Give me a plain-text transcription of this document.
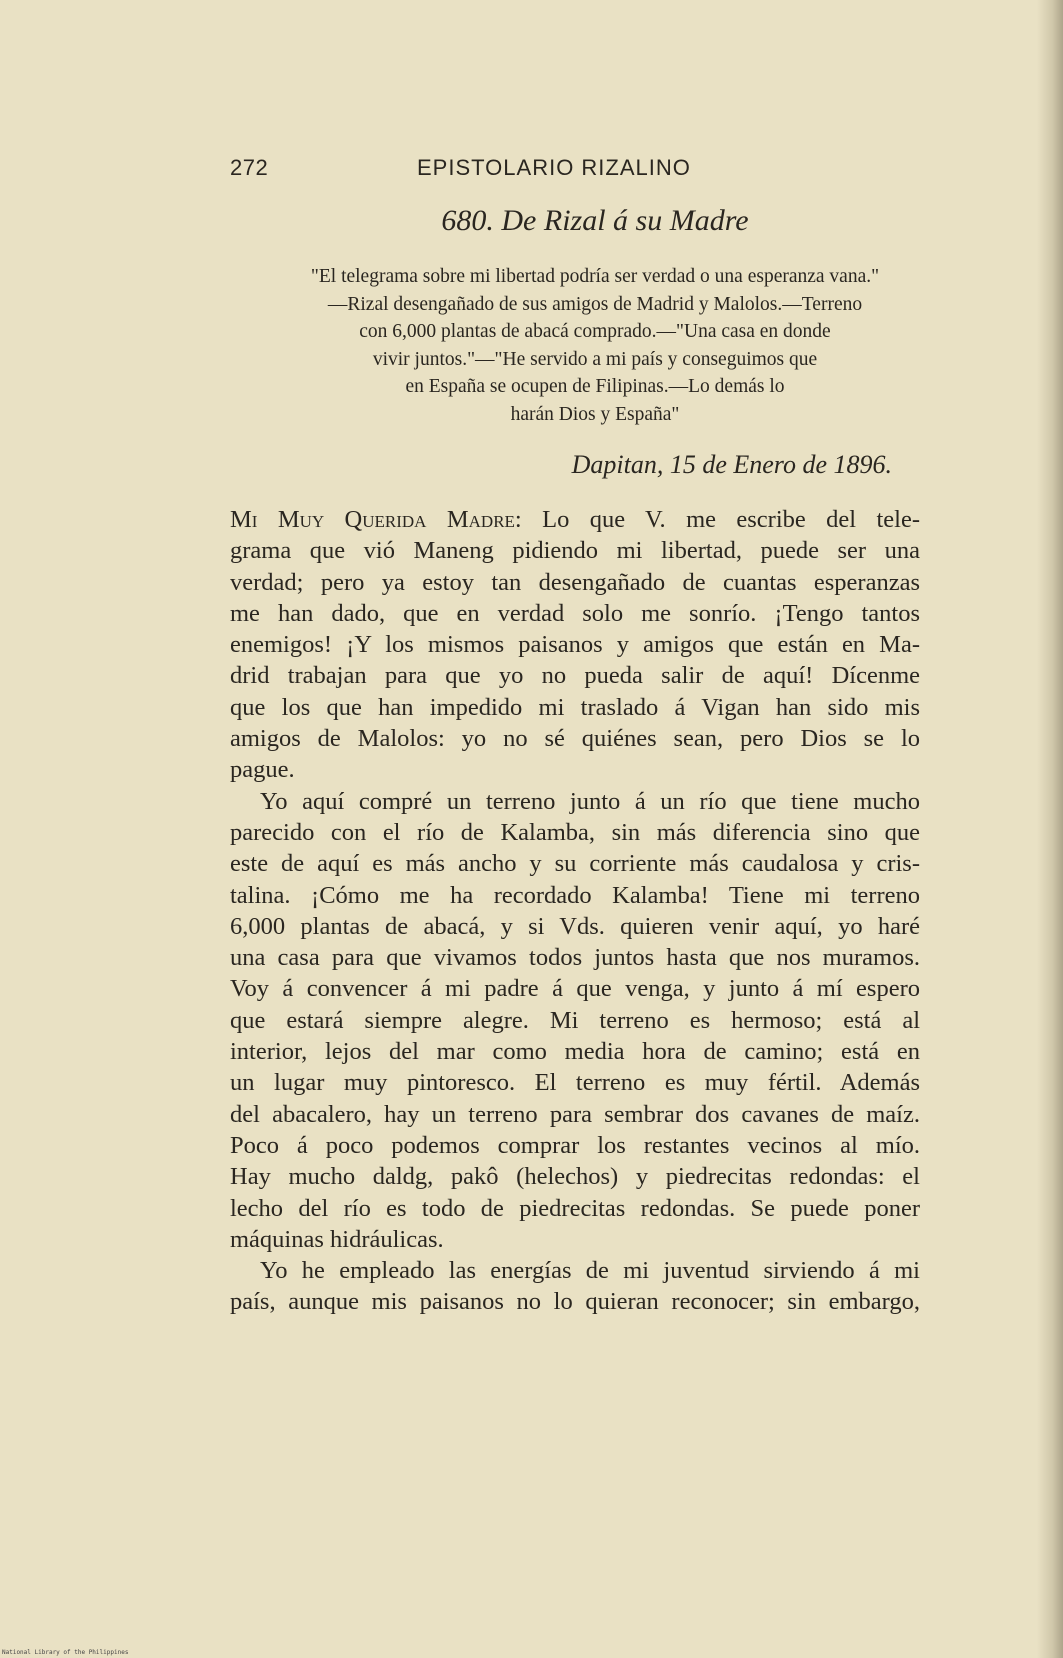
272	EPISTOLARIO RIZALINO
680. De Rizal á su Madre
"El telegrama sobre mi libertad podría ser verdad o una esperanza vana."
—Rizal desengañado de sus amigos de Madrid y Malolos.—Terreno
con 6,000 plantas de abacá comprado.—"Una casa en donde
vivir juntos."—"He servido a mi país y conseguimos que
en España se ocupen de Filipinas.—Lo demás lo
harán Dios y España"
Dapitan, 15 de Enero de 1896.
Mi Muy Querida Madre: Lo que V. me escribe del tele-
grama que vió Maneng pidiendo mi libertad, puede ser una
verdad; pero ya estoy tan desengañado de cuantas esperanzas
me han dado, que en verdad solo me sonrío. ¡Tengo tantos
enemigos! ¡Y los mismos paisanos y amigos que están en Ma-
drid trabajan para que yo no pueda salir de aquí! Dícenme
que los que han impedido mi traslado á Vigan han sido mis
amigos de Malolos: yo no sé quiénes sean, pero Dios se lo
pague.
Yo aquí compré un terreno junto á un río que tiene mucho
parecido con el río de Kalamba, sin más diferencia sino que
este de aquí es más ancho y su corriente más caudalosa y cris-
talina. ¡Cómo me ha recordado Kalamba! Tiene mi terreno
6,000 plantas de abacá, y si Vds. quieren venir aquí, yo haré
una casa para que vivamos todos juntos hasta que nos muramos.
Voy á convencer á mi padre á que venga, y junto á mí espero
que estará siempre alegre. Mi terreno es hermoso; está al
interior, lejos del mar como media hora de camino; está en
un lugar muy pintoresco. El terreno es muy fértil. Además
del abacalero, hay un terreno para sembrar dos cavanes de maíz.
Poco á poco podemos comprar los restantes vecinos al mío.
Hay mucho daldg, pakô (helechos) y piedrecitas redondas: el
lecho del río es todo de piedrecitas redondas. Se puede poner
máquinas hidráulicas.
Yo he empleado las energías de mi juventud sirviendo á mi
país, aunque mis paisanos no lo quieran reconocer; sin embargo,
National Library of the Philippines
